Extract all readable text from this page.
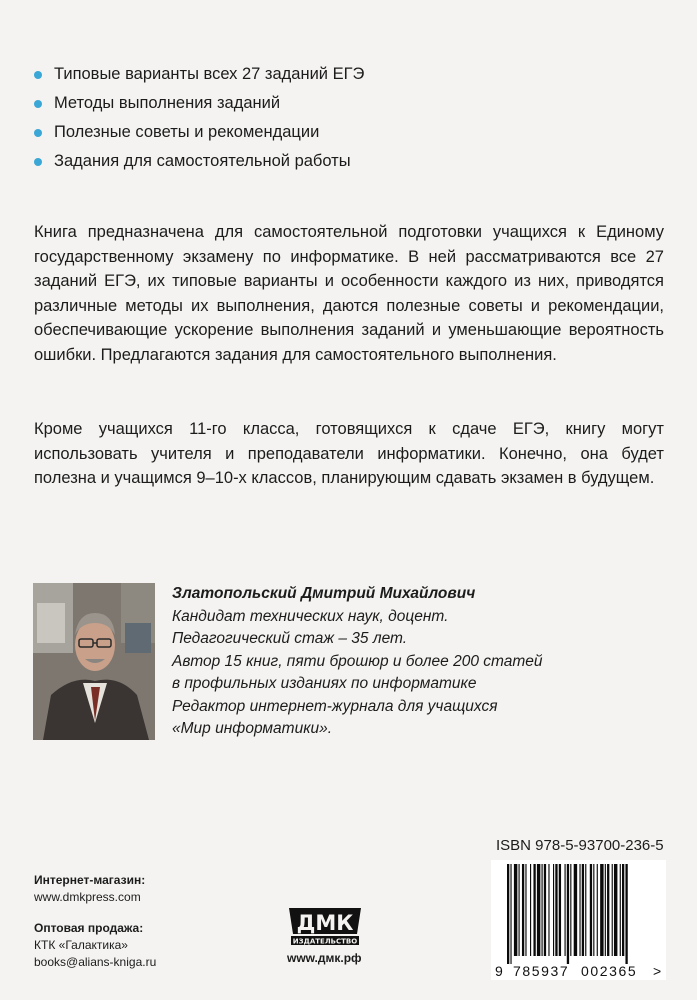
Типовые варианты всех 27 заданий ЕГЭ
Методы выполнения заданий
Полезные советы и рекомендации
Задания для самостоятельной работы

Книга предназначена для самостоятельной подготовки учащихся к Единому государственному экзамену по информатике. В ней рассматриваются все 27 заданий ЕГЭ, их типовые варианты и особенности каждого из них, приводятся различные методы их выполнения, даются полезные советы и рекомендации, обеспечивающие ускорение выполнения заданий и уменьшающие вероятность ошибки. Предлагаются задания для самостоятельного выполнения.

Кроме учащихся 11-го класса, готовящихся к сдаче ЕГЭ, книгу могут использовать учителя и преподаватели информатики. Конечно, она будет полезна и учащимся 9–10-х классов, планирующим сдавать экзамен в будущем.

Златопольский Дмитрий Михайлович
Кандидат технических наук, доцент.
Педагогический стаж – 35 лет.
Автор 15 книг, пяти брошюр и более 200 статей
в профильных изданиях по информатике
Редактор интернет-журнала для учащихся
«Мир информатики».
ISBN 978-5-93700-236-5
9 785937 002365 >
Интернет-магазин:
www.dmkpress.com
Оптовая продажа:
КТК «Галактика»
books@alians-kniga.ru
ДМК
ИЗДАТЕЛЬСТВО
www.дмк.рф
